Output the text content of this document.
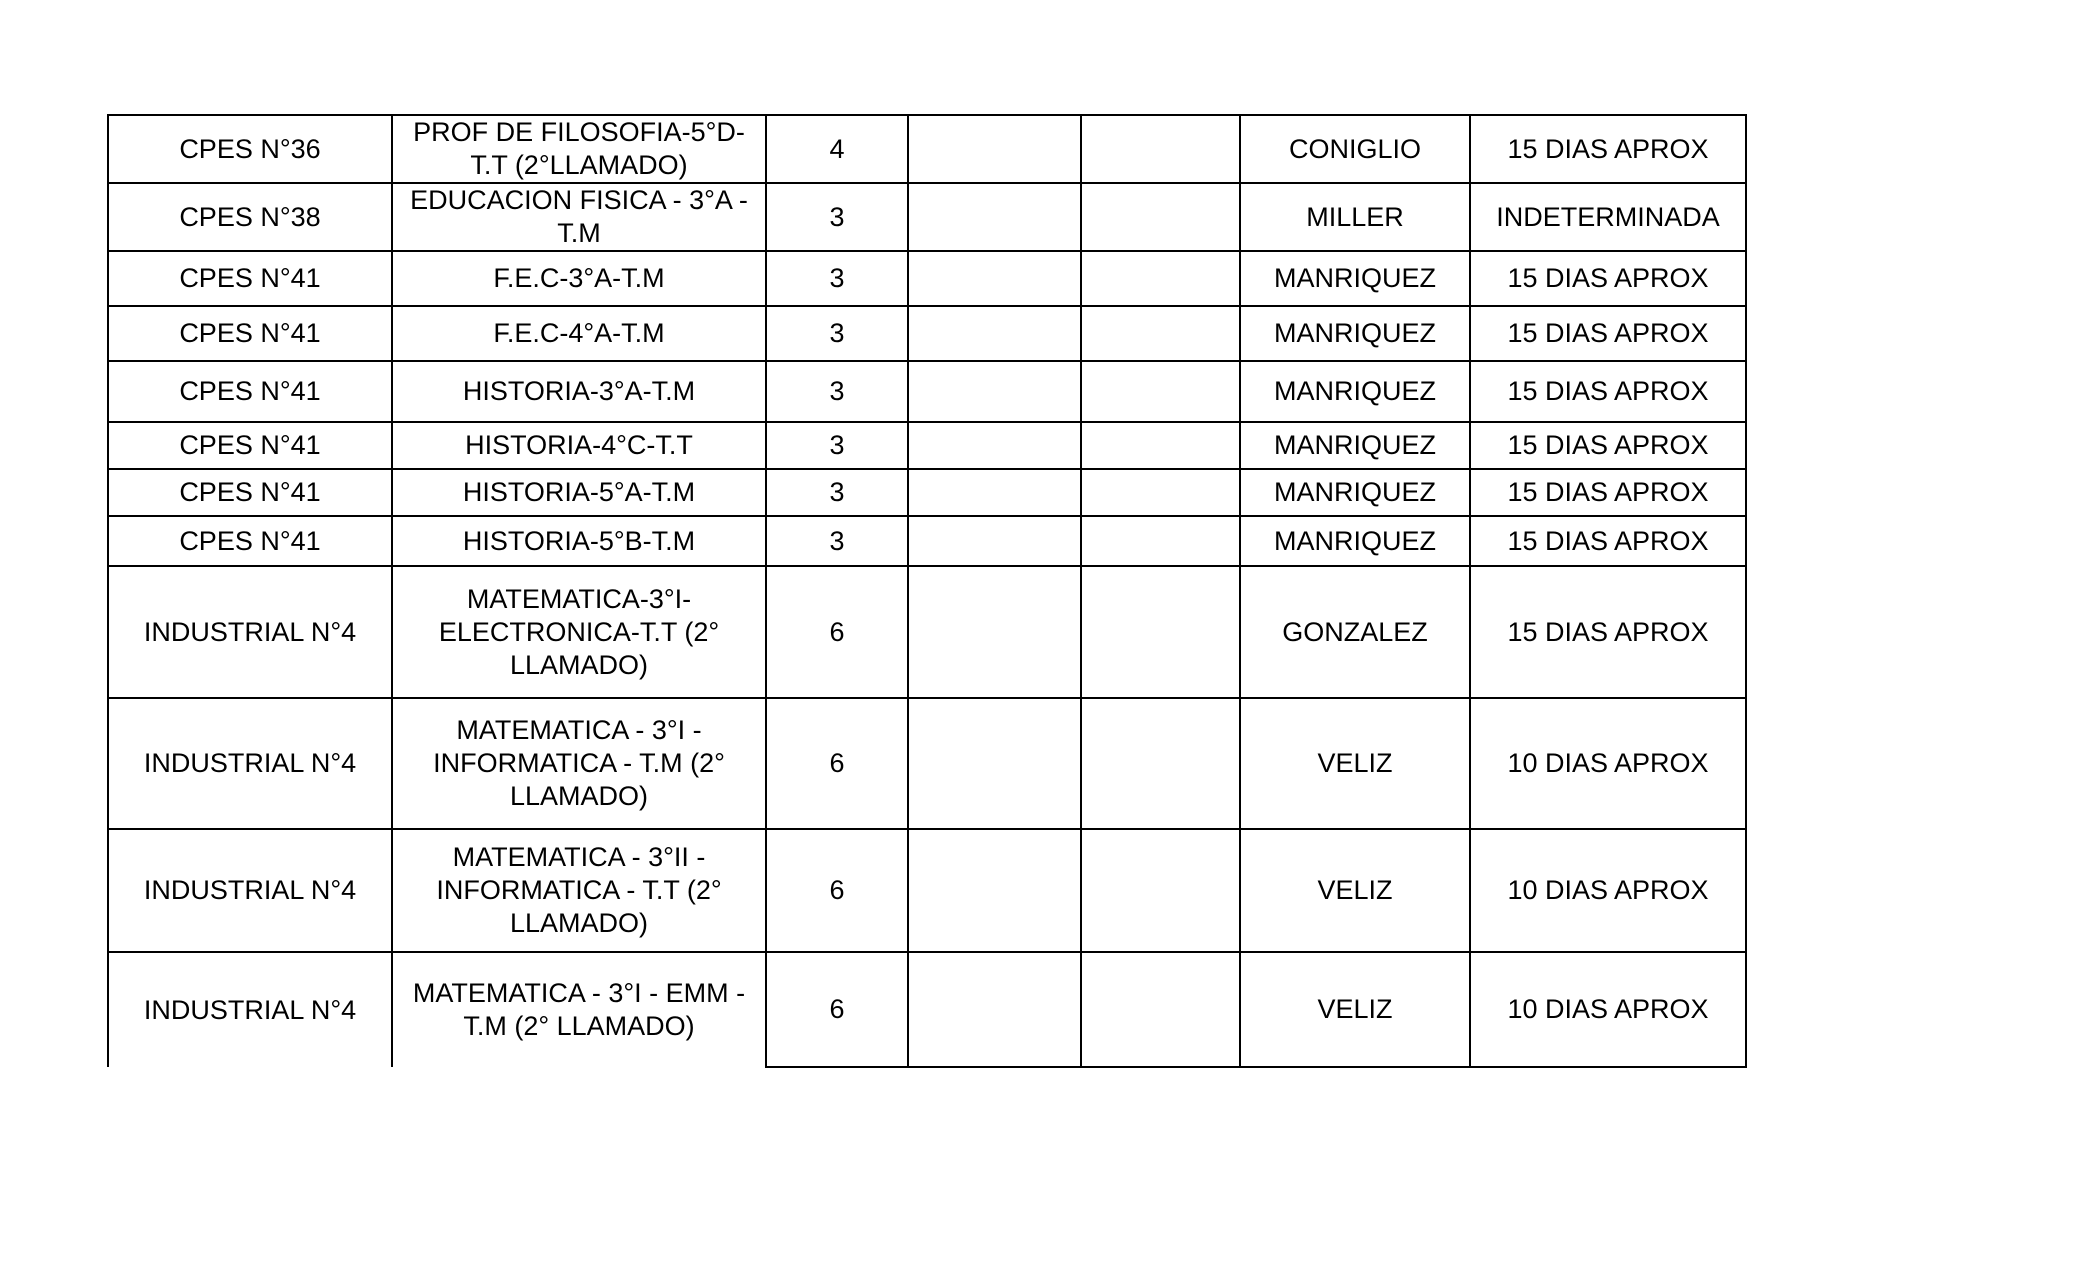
CPES N°36	PROF DE FILOSOFIA-5°D-T.T (2°LLAMADO)	4			CONIGLIO	15 DIAS APROX
CPES N°38	EDUCACION FISICA - 3°A - T.M	3			MILLER	INDETERMINADA
CPES N°41	F.E.C-3°A-T.M	3			MANRIQUEZ	15 DIAS APROX
CPES N°41	F.E.C-4°A-T.M	3			MANRIQUEZ	15 DIAS APROX
CPES N°41	HISTORIA-3°A-T.M	3			MANRIQUEZ	15 DIAS APROX
CPES N°41	HISTORIA-4°C-T.T	3			MANRIQUEZ	15 DIAS APROX
CPES N°41	HISTORIA-5°A-T.M	3			MANRIQUEZ	15 DIAS APROX
CPES N°41	HISTORIA-5°B-T.M	3			MANRIQUEZ	15 DIAS APROX
INDUSTRIAL N°4	MATEMATICA-3°I-ELECTRONICA-T.T (2° LLAMADO)	6			GONZALEZ	15 DIAS APROX
INDUSTRIAL N°4	MATEMATICA - 3°I - INFORMATICA - T.M (2° LLAMADO)	6			VELIZ	10 DIAS APROX
INDUSTRIAL N°4	MATEMATICA - 3°II - INFORMATICA - T.T (2° LLAMADO)	6			VELIZ	10 DIAS APROX
INDUSTRIAL N°4	MATEMATICA - 3°I - EMM - T.M (2° LLAMADO)	6			VELIZ	10 DIAS APROX
